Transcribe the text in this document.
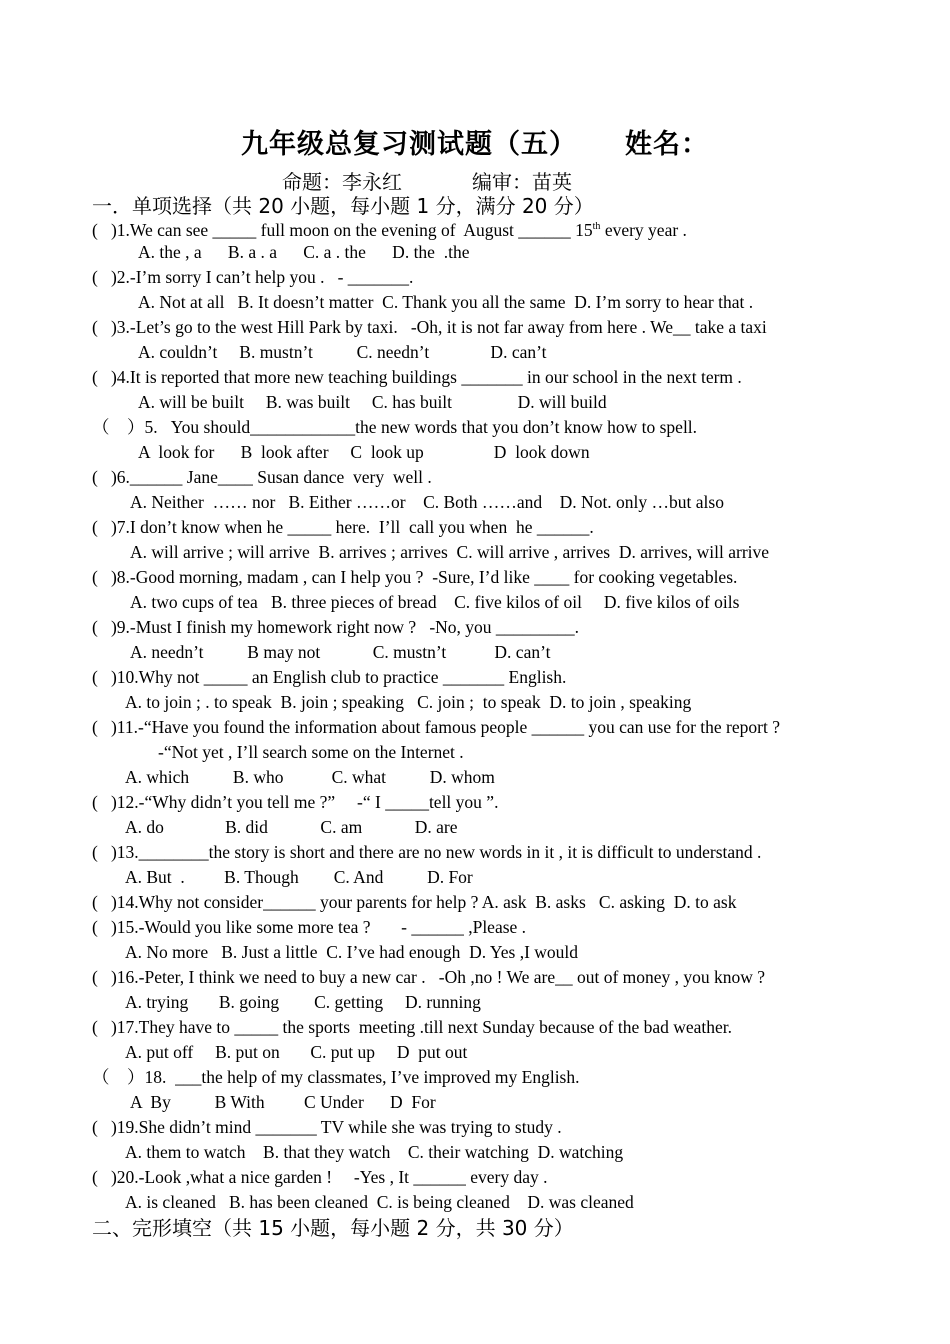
九年级总复习测试题（五） 姓名：
命题：李永红	编审：苗英
一．单项选择（共 20 小题，每小题 1 分，满分 20 分）
(   )1.We can see _____ full moon on the evening of  August ______ 15th every year .
A. the , a      B. a . a      C. a . the      D. the  .the
(   )2.-I’m sorry I can’t help you .   - _______.
A. Not at all   B. It doesn’t matter  C. Thank you all the same  D. I’m sorry to hear that .
(   )3.-Let’s go to the west Hill Park by taxi.   -Oh, it is not far away from here . We__ take a taxi
A. couldn’t     B. mustn’t          C. needn’t              D. can’t
(   )4.It is reported that more new teaching buildings _______ in our school in the next term .
A. will be built     B. was built     C. has built               D. will build
（    ）5.   You should____________the new words that you don’t know how to spell.
A  look for      B  look after     C  look up                D  look down
(   )6.______ Jane____ Susan dance  very  well .
A. Neither  …… nor   B. Either ……or    C. Both ……and    D. Not. only …but also
(   )7.I don’t know when he _____ here.  I’ll  call you when  he ______.
A. will arrive ; will arrive  B. arrives ; arrives  C. will arrive , arrives  D. arrives, will arrive
(   )8.-Good morning, madam , can I help you ?  -Sure, I’d like ____ for cooking vegetables.
A. two cups of tea   B. three pieces of bread    C. five kilos of oil     D. five kilos of oils
(   )9.-Must I finish my homework right now ?   -No, you _________.
A. needn’t          B may not            C. mustn’t           D. can’t
(   )10.Why not _____ an English club to practice _______ English.
A. to join ; . to speak  B. join ; speaking   C. join ;  to speak  D. to join , speaking
(   )11.-“Have you found the information about famous people ______ you can use for the report ?
-“Not yet , I’ll search some on the Internet .
A. which          B. who           C. what          D. whom
(   )12.-“Why didn’t you tell me ?”     -“ I _____tell you ”.
A. do              B. did            C. am            D. are
(   )13.________the story is short and there are no new words in it , it is difficult to understand .
A. But  .         B. Though        C. And          D. For
(   )14.Why not consider______ your parents for help ? A. ask  B. asks   C. asking  D. to ask
(   )15.-Would you like some more tea ?       - ______ ,Please .
A. No more   B. Just a little  C. I’ve had enough  D. Yes ,I would
(   )16.-Peter, I think we need to buy a new car .   -Oh ,no ! We are__ out of money , you know ?
A. trying       B. going        C. getting     D. running
(   )17.They have to _____ the sports  meeting .till next Sunday because of the bad weather.
A. put off     B. put on       C. put up     D  put out
（    ）18.  ___the help of my classmates, I’ve improved my English.
A  By          B With         C Under      D  For
(   )19.She didn’t mind _______ TV while she was trying to study .
A. them to watch    B. that they watch    C. their watching  D. watching
(   )20.-Look ,what a nice garden !     -Yes , It ______ every day .
A. is cleaned   B. has been cleaned  C. is being cleaned    D. was cleaned
二、完形填空（共 15 小题，每小题 2 分，共 30 分）
